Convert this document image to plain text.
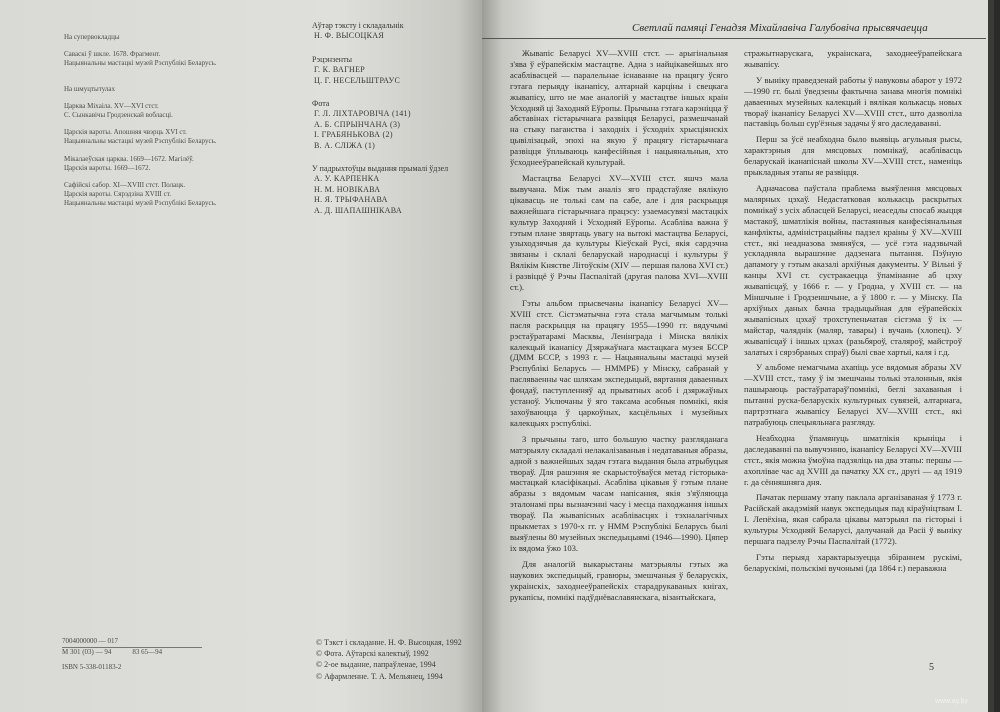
На супервокладцы

Саваскі ў шкле. 1678. Фрагмент.
Нацыянальны мастацкі музей Рэспублікі Беларусь.

На шмуцтытулах

Царква Міхаіла. XV—XVI стст.
С. Сынкавічы Гродзенскай вобласці.

Царскія вароты. Апошняя чвэрць XVI ст.
Нацыянальны мастацкі музей Рэспублікі Беларусь.

Мікалаеўская царква. 1669—1672. Магілёў.
Царскія вароты. 1669—1672.

Сафійскі сабор. XI—XVIII стст. Полацк.
Царскія вароты. Сярэдзіна XVIII ст.
Нацыянальны мастацкі музей Рэспублікі Беларусь.

Аўтар тэксту і складальнік
Н. Ф. ВЫСОЦКАЯ
Рэцэнзенты
Г. К. ВАГНЕР
Ц. Г. НЕСЕЛЬШТРАУС
Фота
Г. Л. ЛІХТАРОВІЧА (141)
А. Б. СПРЫНЧАНА (3)
І. ГРАБЯНЬКОВА (2)
В. А. СЛІЖА (1)
У падрыхтоўцы выдання прымалі ўдзел
А. У. КАРПЕНКА
Н. М. НОВІКАВА
Н. Я. ТРЫФАНАВА
А. Д. ШАПАШНІКАВА
7004000000 — 017
М 301 (03) — 94	83 65—94
ISBN 5-338-01183-2
© Тэкст і складанне. Н. Ф. Высоцкая, 1992
© Фота. Аўтарскі калектыў, 1992
© 2-ое выданне, папраўленае, 1994
© Афармленне. Т. А. Мельянец, 1994
Светлай памяці Генадзя Міхайлавіча Галубовіча прысвячаецца

Жывапіс Беларусі XV—XVIII стст. — арыгінальная з'ява ў еўрапейскім мастацтве. Адна з найцікавейшых яго асаблівасцей — паралельнае існаванне на працягу ўсяго гэтага перыяду іканапісу, алтарнай карціны і свецкага жывапісу, што не мае аналогій у мастацтве іншых краін Усходняй ці Заходняй Еўропы. Прычына гэтага карэніцца ў абставінах гістарычнага развіцця Беларусі, размешчанай на стыку паганства і заходніх і ўсходніх хрысціянскіх цывілізацый, эпохі на якую ў працягу гістарычнага развіцця ўплываюць канфесійныя і нацыянальныя, хто ўсходнееўрапейскай культурай.

Мастацтва Беларусі XV—XVIII стст. яшчэ мала вывучана. Між тым аналіз яго прадстаўляе вялікую цікавасць не толькі сам па сабе, але і для раскрыцця важнейшага гістарычнага працэсу: узаемасувязі мастацкіх культур Заходняй і Усходняй Еўропы. Асабліва важна ў гэтым плане звяртаць увагу на вытокі мастацтва Беларусі, узыходзячыя да культуры Кіеўскай Русі, якія сардэчна звязаны і склалі беларускай народнасці і культуры ў Вялікім Княстве Літоўскім (XIV — першая палова XVI ст.) і развіццё ў Рэчы Паспалітай (другая палова XVI—XVIII ст.).

Гэты альбом прысвечаны іканапісу Беларусі XV—XVIII стст. Сістэматычна гэта стала магчымым толькі пасля раскрыцця на працягу 1955—1990 гг. вядучымі рэстаўратарамі Масквы, Ленінграда і Мінска вялікіх калекцый іканапісу Дзяржаўнага мастацкага музея БССР (ДММ БССР, з 1993 г. — Нацыянальны мастацкі музей Рэспублікі Беларусь — НММРБ) у Мінску, сабранай у пасляваенны час шляхам экспедыцый, вяртання даваенных фондаў, паступленняў ад прыватных асоб і дзяржаўных устаноў. Уключаны ў яго таксама асобныя помнікі, якія захоўваюцца ў царкоўных, касцёльных і музейных калекцыях рэспублікі.

З прычыны таго, што большую частку разгляданага матэрыялу складалі нелакалізаваныя і недатаваныя абразы, адной з важнейшых задач гэтага выдання была атрыбуцыя твораў. Для рашэння яе скарыстоўваўся метад гісторыка-мастацкай класіфікацыі. Асабліва цікавыя ў гэтым плане абразы з вядомым часам напісання, якія з'яўляюцца эталонамі пры вызначэнні часу і месца паходжання іншых твораў. Па жывапісных асаблівасцях і тэхналагічных прыкметах з 1970-х гг. у НММ Рэспублікі Беларусь былі выяўлены 80 музейных экспедыцыямі (1946—1990). Цяпер іх вядома ўжо 103.

Для аналогій выкарыстаны матэрыялы гэтых жа наукових экспедыцый, гравюры, змешчаныя ў беларускіх, украінскіх, заходнееўрапейскіх старадрукаваных кнігах, рукапісы, помнікі падўднёваславянскага, візантыйскага,

стражытнарускага, украінскага, заходнееўрапейскага жывапісу.

У выніку праведзенай работы ў навуковы абарот у 1972—1990 гг. былі ўведзены фактычна занава многія помнікі даваенных музейных калекцый і вялікая колькасць новых твораў іканапісу Беларусі XV—XVIII стст., што дазволіла паставіць больш сур'ёзныя задачы ў яго даследаванні.

Перш за ўсё неабходна было выявіць агульныя рысы, характэрныя для мясцовых помнікаў, асаблівасць беларускай іканапіснай школы XV—XVIII стст., наменіць прыкладныя этапы яе развіцця.

Адначасова паўстала праблема выяўлення мясцовых малярных цэхаў. Недастатковая колькасць раскрытых помнікаў з усіх абласцей Беларусі, неаседлы спосаб жыцця мастакоў, шматлікія войны, пастаянныя канфесіянальныя канфлікты, адміністрацыйны падзел краіны ў XV—XVIII стст., які неадназова змяняўся, — усё гэта надзвычай ускладняла вырашэнне дадзенага пытання. Пэўную дапамогу у гэтым аказалі архіўныя дакументы. У Вільні ў канцы XVI ст. сустракаецца ўпамінанне аб цэху жывапісцаў, у 1666 г. — у Гродна, у XVIII ст. — на Міншчыне і Гродзеншчыне, а ў 1800 г. — у Мінску. Па архіўных даных бачна традыцыйная для еўрапейскіх жывапісных цэхаў трохступеньчатая сістэма ў іх — майстар, чаляднік (маляр, тавары) і вучань (хлопец). У жывапісцаў і іншых цэхах (разьбяроў, сталяроў, майстроў залатых і сярэбраных спраў) былі свае хартыі, каля і г.д.

У альбоме немагчыма ахапіць усе вядомыя абразы XV—XVIII стст., таму ў ім змешчаны толькі эталонныя, якія пашыраюць растаўратараў'помнікі, беглі захаваныя і пытанні руска-беларускіх культурных сувязей, алтарнага, партрэтнага жывапісу Беларусі XV—XVIII стст., які патрабуюць спецыяльнага разгляду.

Неабходна ўпамянуць шматлікія крыніцы і даследаванні па вывучэнню, іканапісу Беларусі XV—XVIII стст., якія можна ўмоўна падзяліць на два этапы: першы — ахоплівае час ад XVIII да пачатку XX ст., другі — ад 1919 г. да сённяшняга дня.

Пачатак першаму этапу паклала арганізаваная ў 1773 г. Расійскай акадэміяй навук экспедыцыя пад кіраўніцтвам І. І. Лепёхіна, якая сабрала цікавы матэрыял па гісторыі і культуры Усходняй Беларусі, далучанай да Расіі ў выніку першага падзелу Рэчы Паспалітай (1772).

Гэты перыяд характарызуецца збіраннем рускімі, беларускімі, польскімі вучонымі (да 1864 г.) пераважна

5
www.ay.by
